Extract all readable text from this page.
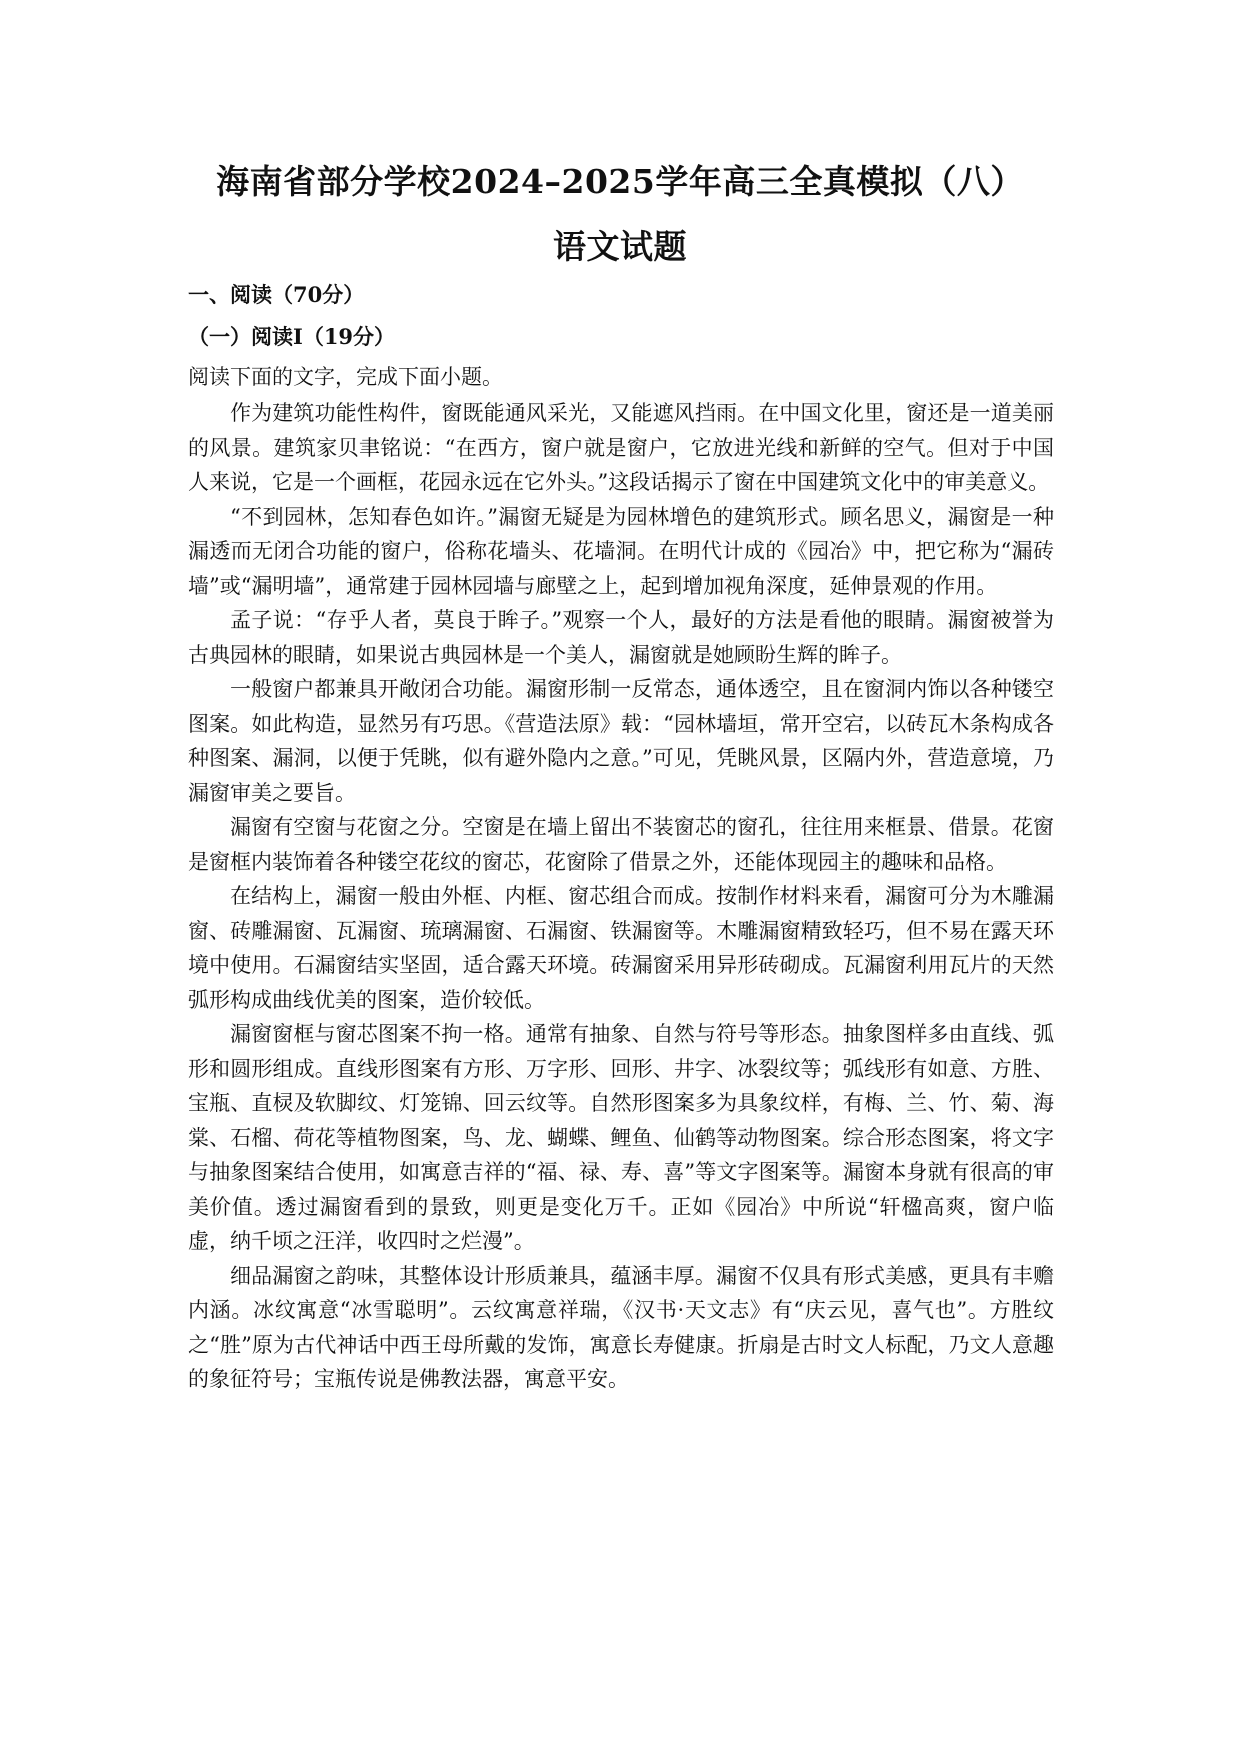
海南省部分学校2024–2025学年高三全真模拟（八）
语文试题
一、阅读（70分）
（一）阅读Ⅰ（19分）
阅读下面的文字，完成下面小题。

作为建筑功能性构件，窗既能通风采光，又能遮风挡雨。在中国文化里，窗还是一道美丽的风景。建筑家贝聿铭说：“在西方，窗户就是窗户，它放进光线和新鲜的空气。但对于中国人来说，它是一个画框，花园永远在它外头。”这段话揭示了窗在中国建筑文化中的审美意义。

“不到园林，怎知春色如许。”漏窗无疑是为园林增色的建筑形式。顾名思义，漏窗是一种漏透而无闭合功能的窗户，俗称花墙头、花墙洞。在明代计成的《园冶》中，把它称为“漏砖墙”或“漏明墙”，通常建于园林园墙与廊壁之上，起到增加视角深度，延伸景观的作用。

孟子说：“存乎人者，莫良于眸子。”观察一个人，最好的方法是看他的眼睛。漏窗被誉为古典园林的眼睛，如果说古典园林是一个美人，漏窗就是她顾盼生辉的眸子。

一般窗户都兼具开敞闭合功能。漏窗形制一反常态，通体透空，且在窗洞内饰以各种镂空图案。如此构造，显然另有巧思。《营造法原》载：“园林墙垣，常开空宕，以砖瓦木条构成各种图案、漏洞，以便于凭眺，似有避外隐内之意。”可见，凭眺风景，区隔内外，营造意境，乃漏窗审美之要旨。

漏窗有空窗与花窗之分。空窗是在墙上留出不装窗芯的窗孔，往往用来框景、借景。花窗是窗框内装饰着各种镂空花纹的窗芯，花窗除了借景之外，还能体现园主的趣味和品格。

在结构上，漏窗一般由外框、内框、窗芯组合而成。按制作材料来看，漏窗可分为木雕漏窗、砖雕漏窗、瓦漏窗、琉璃漏窗、石漏窗、铁漏窗等。木雕漏窗精致轻巧，但不易在露天环境中使用。石漏窗结实坚固，适合露天环境。砖漏窗采用异形砖砌成。瓦漏窗利用瓦片的天然弧形构成曲线优美的图案，造价较低。

漏窗窗框与窗芯图案不拘一格。通常有抽象、自然与符号等形态。抽象图样多由直线、弧形和圆形组成。直线形图案有方形、万字形、回形、井字、冰裂纹等；弧线形有如意、方胜、宝瓶、直棂及软脚纹、灯笼锦、回云纹等。自然形图案多为具象纹样，有梅、兰、竹、菊、海棠、石榴、荷花等植物图案，鸟、龙、蝴蝶、鲤鱼、仙鹤等动物图案。综合形态图案，将文字与抽象图案结合使用，如寓意吉祥的“福、禄、寿、喜”等文字图案等。漏窗本身就有很高的审美价值。透过漏窗看到的景致，则更是变化万千。正如《园冶》中所说“轩楹高爽，窗户临虚，纳千顷之汪洋，收四时之烂漫”。

细品漏窗之韵味，其整体设计形质兼具，蕴涵丰厚。漏窗不仅具有形式美感，更具有丰赡内涵。冰纹寓意“冰雪聪明”。云纹寓意祥瑞，《汉书·天文志》有“庆云见，喜气也”。方胜纹之“胜”原为古代神话中西王母所戴的发饰，寓意长寿健康。折扇是古时文人标配，乃文人意趣的象征符号；宝瓶传说是佛教法器，寓意平安。
